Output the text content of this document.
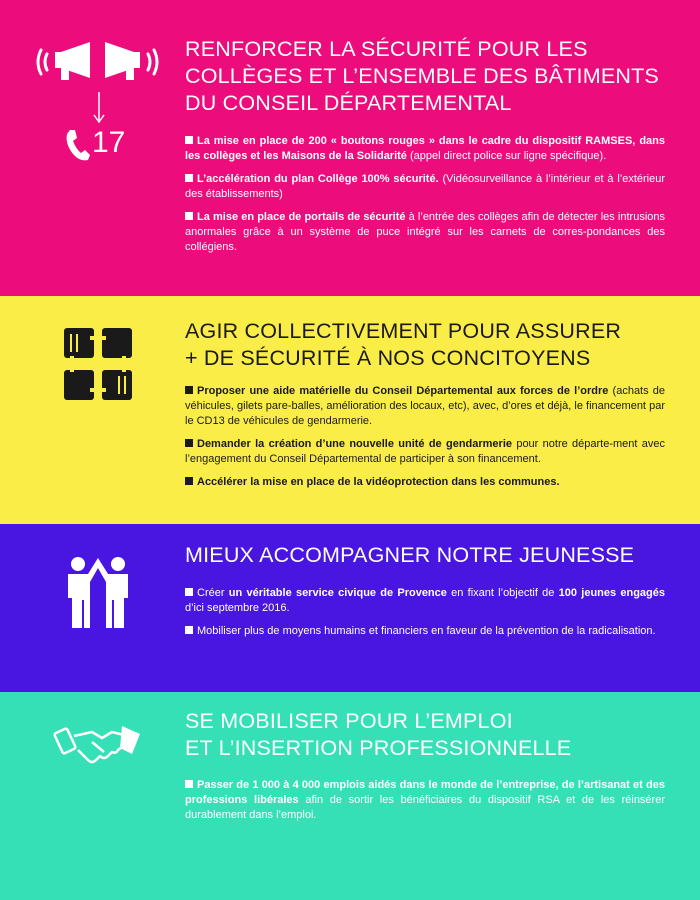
17
RENFORCER LA SÉCURITÉ POUR LES
COLLÈGES ET L’ENSEMBLE DES BÂTIMENTS
DU CONSEIL DÉPARTEMENTAL

La mise en place de 200 « boutons rouges » dans le cadre du dispositif RAMSES, dans les collèges et les Maisons de la Solidarité (appel direct police sur ligne spécifique).

L’accélération du plan Collège 100% sécurité. (Vidéosurveillance à l’intérieur et à l’extérieur des établissements)

La mise en place de portails de sécurité à l’entrée des collèges afin de détecter les intrusions anormales grâce à un système de puce intégré sur les carnets de corres-pondances des collégiens.

AGIR COLLECTIVEMENT POUR ASSURER
+ DE SÉCURITÉ À NOS CONCITOYENS

Proposer une aide matérielle du Conseil Départemental aux forces de l’ordre (achats de véhicules, gilets pare-balles, amélioration des locaux, etc), avec, d’ores et déjà, le financement par le CD13 de véhicules de gendarmerie.

Demander la création d’une nouvelle unité de gendarmerie pour notre départe-ment avec l’engagement du Conseil Départemental de participer à son financement.

Accélérer la mise en place de la vidéoprotection dans les communes.

MIEUX ACCOMPAGNER NOTRE JEUNESSE

Créer un véritable service civique de Provence en fixant l’objectif de 100 jeunes engagés d’ici septembre 2016.

Mobiliser plus de moyens humains et financiers en faveur de la prévention de la radicalisation.

SE MOBILISER POUR L’EMPLOI
ET L’INSERTION PROFESSIONNELLE

Passer de 1 000 à 4 000 emplois aidés dans le monde de l’entreprise, de l’artisanat et des professions libérales afin de sortir les bénéficiaires du dispositif RSA et de les réinsérer durablement dans l’emploi.
